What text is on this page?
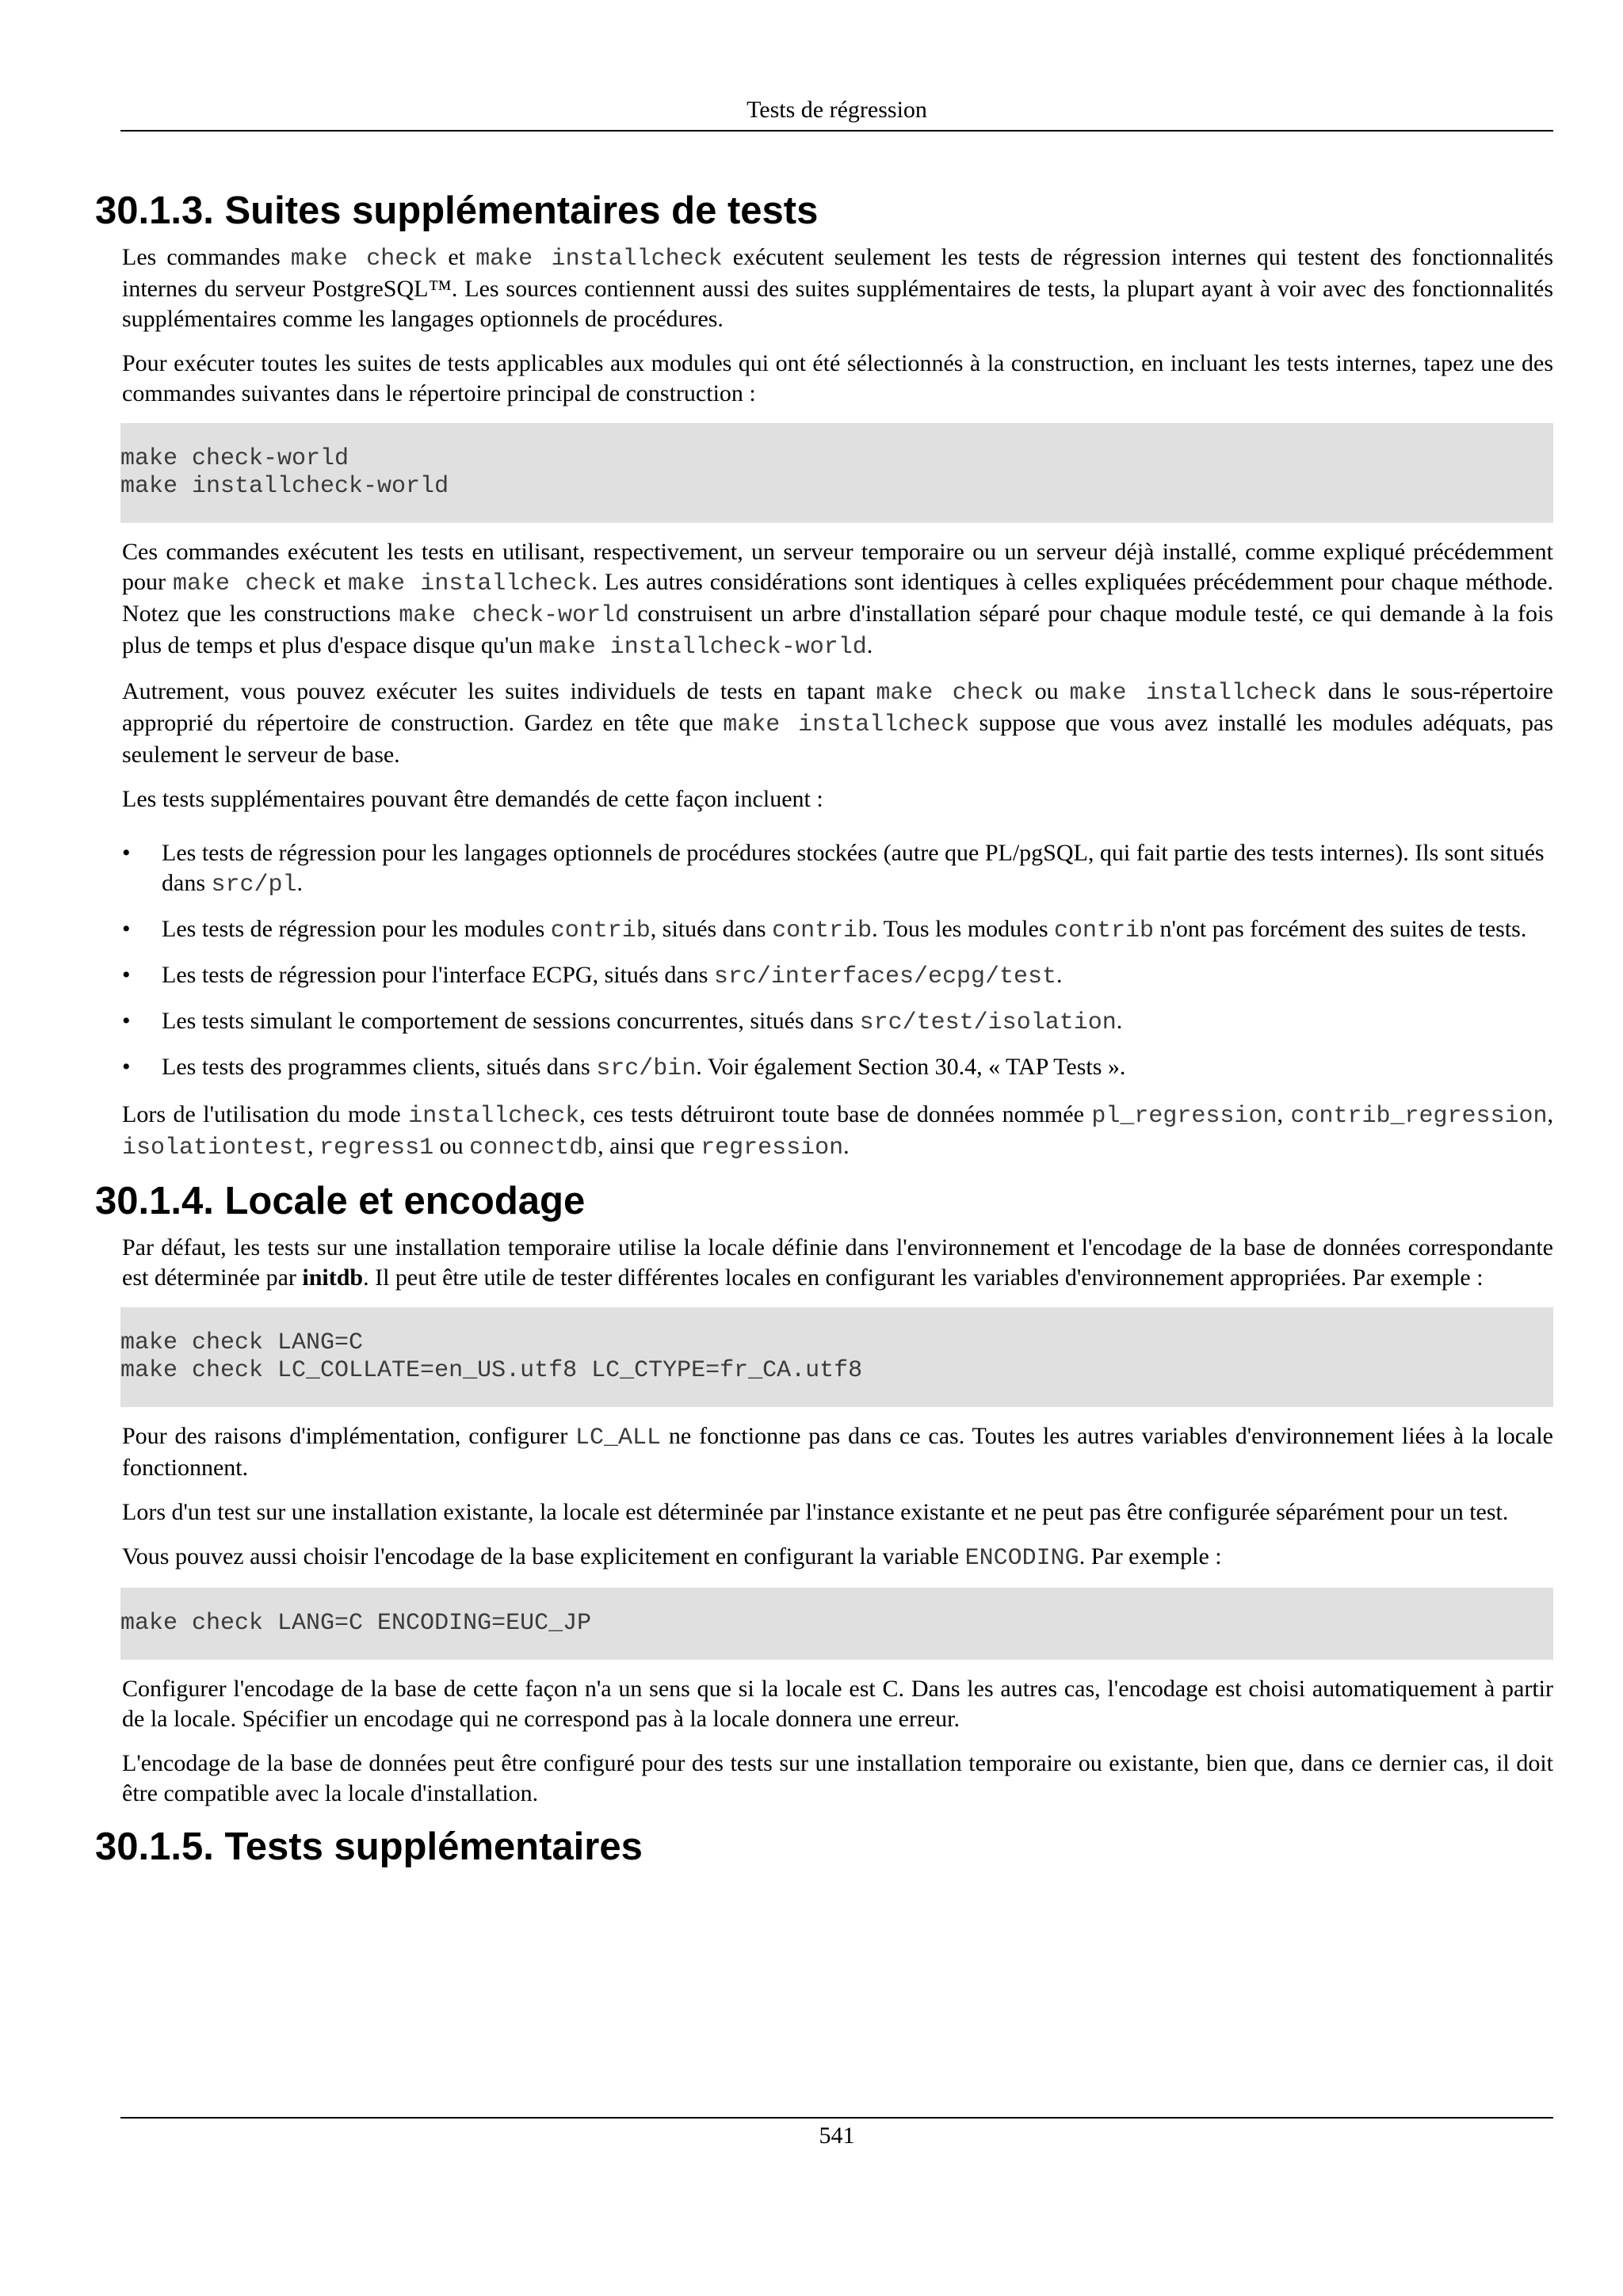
Tests de régression
30.1.3. Suites supplémentaires de tests

Les commandes make check et make installcheck exécutent seulement les tests de régression internes qui testent des fonctionnalités internes du serveur PostgreSQL™. Les sources contiennent aussi des suites supplémentaires de tests, la plupart ayant à voir avec des fonctionnalités supplémentaires comme les langages optionnels de procédures.

Pour exécuter toutes les suites de tests applicables aux modules qui ont été sélectionnés à la construction, en incluant les tests internes, tapez une des commandes suivantes dans le répertoire principal de construction :

make check-world
make installcheck-world

Ces commandes exécutent les tests en utilisant, respectivement, un serveur temporaire ou un serveur déjà installé, comme expliqué précédemment pour make check et make installcheck. Les autres considérations sont identiques à celles expliquées précédemment pour chaque méthode. Notez que les constructions make check-world construisent un arbre d'installation séparé pour chaque module testé, ce qui demande à la fois plus de temps et plus d'espace disque qu'un make installcheck-world.

Autrement, vous pouvez exécuter les suites individuels de tests en tapant make check ou make installcheck dans le sous-répertoire approprié du répertoire de construction. Gardez en tête que make installcheck suppose que vous avez installé les modules adéquats, pas seulement le serveur de base.

Les tests supplémentaires pouvant être demandés de cette façon incluent :

• Les tests de régression pour les langages optionnels de procédures stockées (autre que PL/pgSQL, qui fait partie des tests internes). Ils sont situés dans src/pl.
• Les tests de régression pour les modules contrib, situés dans contrib. Tous les modules contrib n'ont pas forcément des suites de tests.
• Les tests de régression pour l'interface ECPG, situés dans src/interfaces/ecpg/test.
• Les tests simulant le comportement de sessions concurrentes, situés dans src/test/isolation.
• Les tests des programmes clients, situés dans src/bin. Voir également Section 30.4, « TAP Tests ».

Lors de l'utilisation du mode installcheck, ces tests détruiront toute base de données nommée pl_regression, contrib_regression, isolationtest, regress1 ou connectdb, ainsi que regression.

30.1.4. Locale et encodage

Par défaut, les tests sur une installation temporaire utilise la locale définie dans l'environnement et l'encodage de la base de données correspondante est déterminée par initdb. Il peut être utile de tester différentes locales en configurant les variables d'environnement appropriées. Par exemple :

make check LANG=C
make check LC_COLLATE=en_US.utf8 LC_CTYPE=fr_CA.utf8

Pour des raisons d'implémentation, configurer LC_ALL ne fonctionne pas dans ce cas. Toutes les autres variables d'environnement liées à la locale fonctionnent.

Lors d'un test sur une installation existante, la locale est déterminée par l'instance existante et ne peut pas être configurée séparément pour un test.

Vous pouvez aussi choisir l'encodage de la base explicitement en configurant la variable ENCODING. Par exemple :

make check LANG=C ENCODING=EUC_JP

Configurer l'encodage de la base de cette façon n'a un sens que si la locale est C. Dans les autres cas, l'encodage est choisi automatiquement à partir de la locale. Spécifier un encodage qui ne correspond pas à la locale donnera une erreur.

L'encodage de la base de données peut être configuré pour des tests sur une installation temporaire ou existante, bien que, dans ce dernier cas, il doit être compatible avec la locale d'installation.

30.1.5. Tests supplémentaires
541
